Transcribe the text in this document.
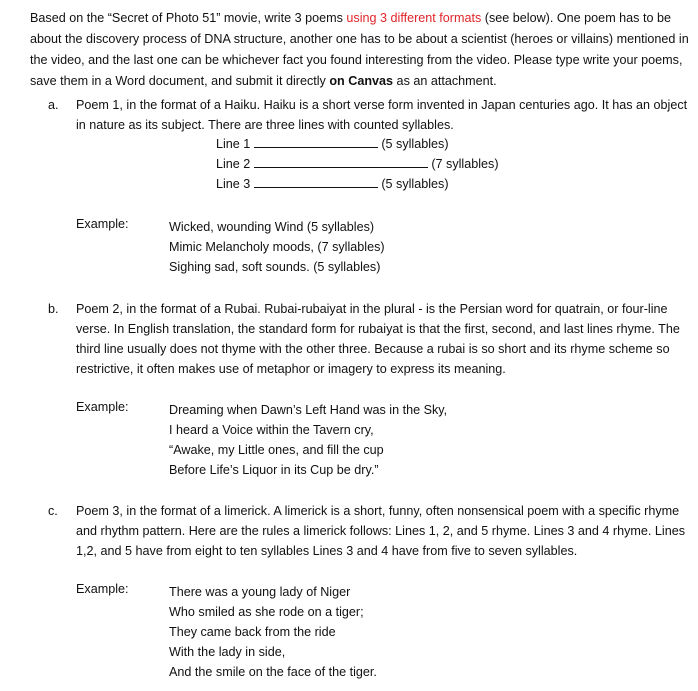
Based on the “Secret of Photo 51” movie, write 3 poems using 3 different formats (see below). One poem has to be about the discovery process of DNA structure, another one has to be about a scientist (heroes or villains) mentioned in the video, and the last one can be whichever fact you found interesting from the video. Please type write your poems, save them in a Word document, and submit it directly on Canvas as an attachment.

a. Poem 1, in the format of a Haiku. Haiku is a short verse form invented in Japan centuries ago. It has an object in nature as its subject. There are three lines with counted syllables.
Line 1	(5 syllables)
Line 2	(7 syllables)
Line 3	(5 syllables)
Example:	Wicked, wounding Wind (5 syllables)
Mimic Melancholy moods, (7 syllables)
Sighing sad, soft sounds. (5 syllables)
b. Poem 2, in the format of a Rubai. Rubai-rubaiyat in the plural - is the Persian word for quatrain, or four-line verse. In English translation, the standard form for rubaiyat is that the first, second, and last lines rhyme. The third line usually does not thyme with the other three. Because a rubai is so short and its rhyme scheme so restrictive, it often makes use of metaphor or imagery to express its meaning.
Example:	Dreaming when Dawn’s Left Hand was in the Sky,
I heard a Voice within the Tavern cry,
“Awake, my Little ones, and fill the cup
Before Life’s Liquor in its Cup be dry.”
c. Poem 3, in the format of a limerick. A limerick is a short, funny, often nonsensical poem with a specific rhyme and rhythm pattern. Here are the rules a limerick follows: Lines 1, 2, and 5 rhyme. Lines 3 and 4 rhyme. Lines 1,2, and 5 have from eight to ten syllables Lines 3 and 4 have from five to seven syllables.
Example:	There was a young lady of Niger
Who smiled as she rode on a tiger;
They came back from the ride
With the lady in side,
And the smile on the face of the tiger.
